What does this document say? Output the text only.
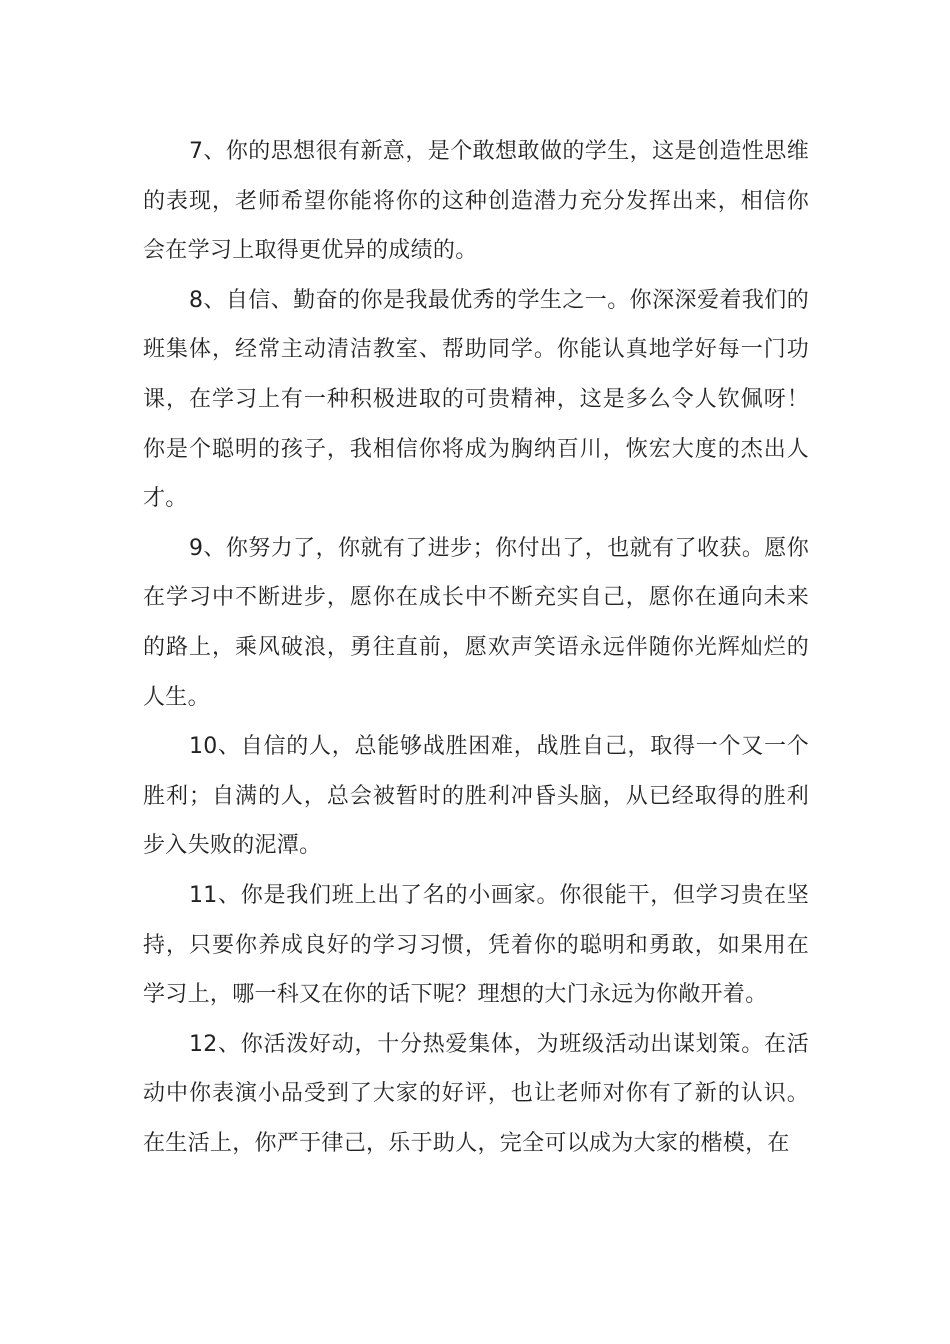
7、你的思想很有新意，是个敢想敢做的学生，这是创造性思维的表现，老师希望你能将你的这种创造潜力充分发挥出来，相信你会在学习上取得更优异的成绩的。

8、自信、勤奋的你是我最优秀的学生之一。你深深爱着我们的班集体，经常主动清洁教室、帮助同学。你能认真地学好每一门功课，在学习上有一种积极进取的可贵精神，这是多么令人钦佩呀！你是个聪明的孩子，我相信你将成为胸纳百川，恢宏大度的杰出人才。

9、你努力了，你就有了进步；你付出了，也就有了收获。愿你在学习中不断进步，愿你在成长中不断充实自己，愿你在通向未来的路上，乘风破浪，勇往直前，愿欢声笑语永远伴随你光辉灿烂的人生。

10、自信的人，总能够战胜困难，战胜自己，取得一个又一个胜利；自满的人，总会被暂时的胜利冲昏头脑，从已经取得的胜利步入失败的泥潭。

11、你是我们班上出了名的小画家。你很能干，但学习贵在坚持，只要你养成良好的学习习惯，凭着你的聪明和勇敢，如果用在学习上，哪一科又在你的话下呢？理想的大门永远为你敞开着。

12、你活泼好动，十分热爱集体，为班级活动出谋划策。在活动中你表演小品受到了大家的好评，也让老师对你有了新的认识。在生活上，你严于律己，乐于助人，完全可以成为大家的楷模，在
